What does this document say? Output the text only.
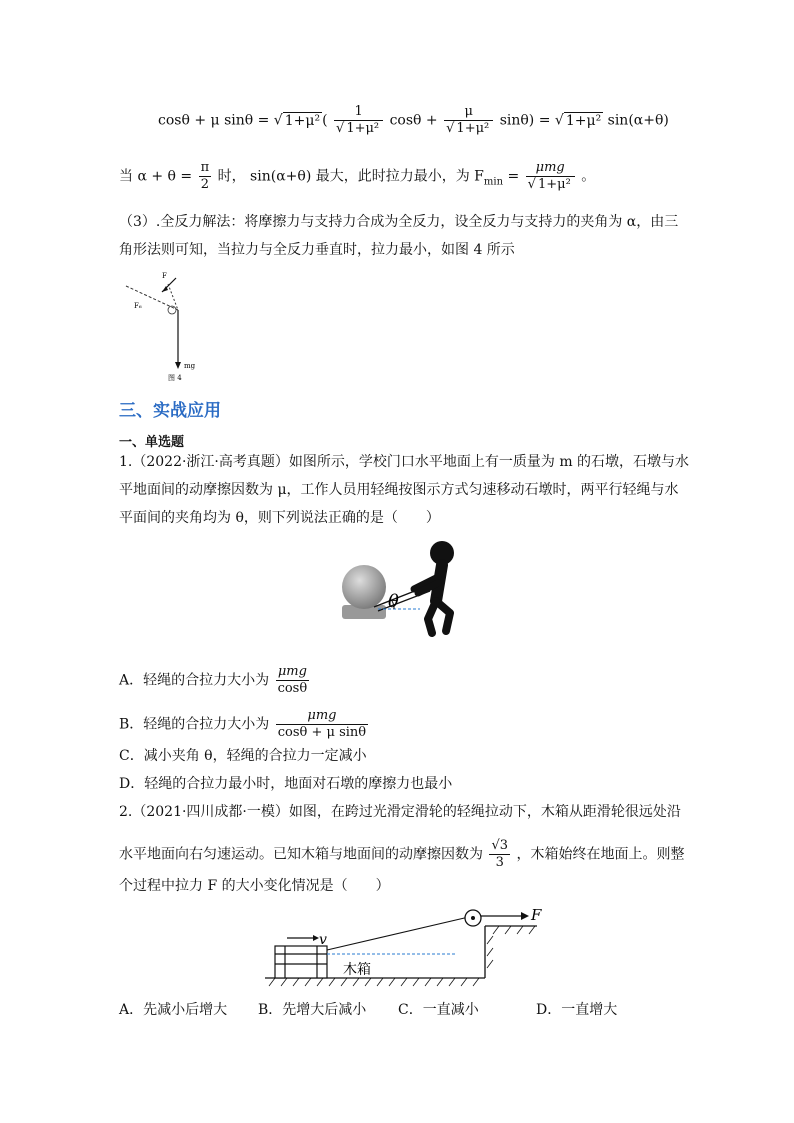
cosθ + μ sinθ = √ 1+μ² ( $\frac{1}{\text{√ 1+μ²}}$ $\cos\theta + \frac{\mu}{\text{√ 1+μ²}} \sin\theta$) = √ 1+μ² sin(α+θ)
当 $\alpha + \theta = \frac{\pi}{2}$ 时， sin(α+θ) 最大，此时拉力最小，为 $F_{min} = \frac{\text{μmg}}{\text{√ 1+μ²}}$ 。
（3）.全反力解法：将摩擦力与支持力合成为全反力，设全反力与支持力的夹角为 α，由三
角形法则可知，当拉力与全反力垂直时，拉力最小，如图 4 所示
F
F₆
mg
图 4
三、实战应用
一、单选题
1.（2022·浙江·高考真题）如图所示，学校门口水平地面上有一质量为 m 的石墩，石墩与水
平地面间的动摩擦因数为 μ，工作人员用轻绳按图示方式匀速移动石墩时，两平行轻绳与水
平面间的夹角均为 θ，则下列说法正确的是（　　）
θ
A．轻绳的合拉力大小为 $\frac{\text{μmg}}{\cos\theta}$
B．轻绳的合拉力大小为 $\frac{\text{μmg}}{\text{cosθ + μ sinθ}}$
C．减小夹角 θ，轻绳的合拉力一定减小
D．轻绳的合拉力最小时，地面对石墩的摩擦力也最小
2.（2021·四川成都·一模）如图，在跨过光滑定滑轮的轻绳拉动下，木箱从距滑轮很远处沿
水平地面向右匀速运动。已知木箱与地面间的动摩擦因数为 $\frac{√3}{3}$ ，木箱始终在地面上。则整
个过程中拉力 F 的大小变化情况是（　　）
v
F
木箱
A．先减小后增大 B．先增大后减小 C．一直减小	D．一直增大
